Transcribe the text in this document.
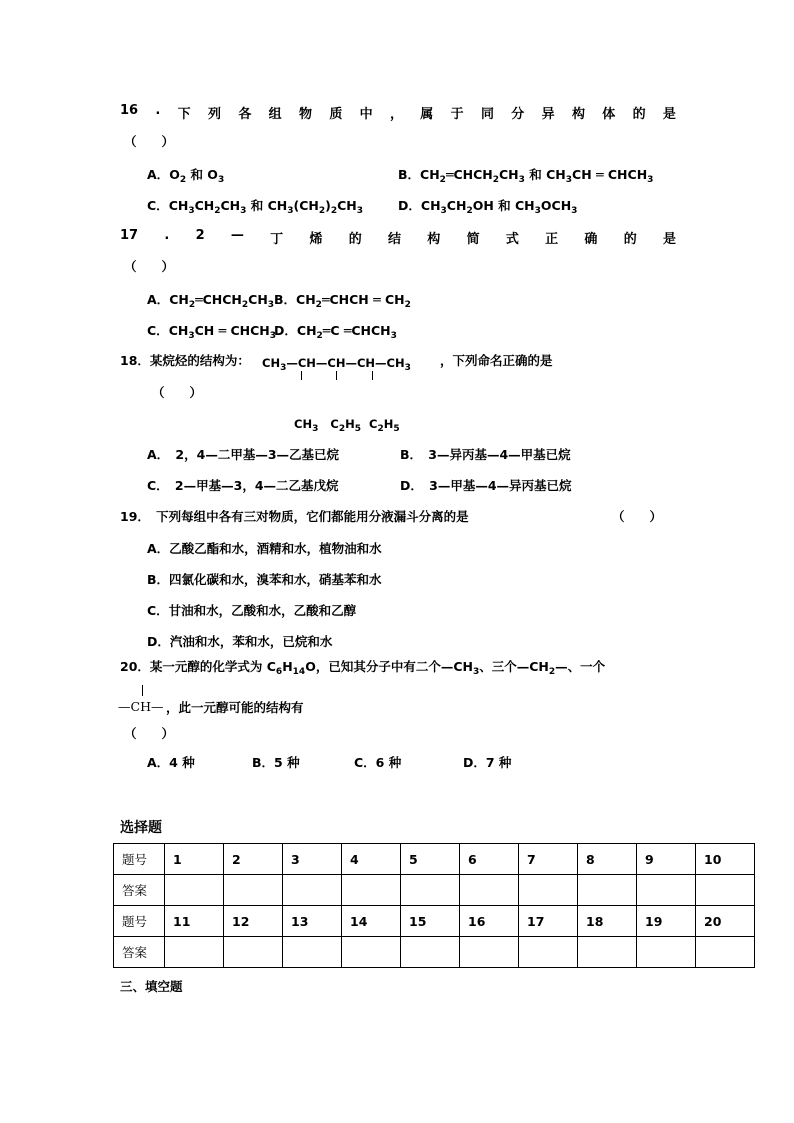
16 . 下 列 各 组 物 质 中 ， 属 于 同 分 异 构 体 的 是
（　　）
A．$O_2$ 和 $O_3$	B．$CH_2═CHCH_2CH_3$ 和 $CH_3CH$ ═ $CHCH_3$
C．$CH_3CH_2CH_3$ 和 $CH_3(CH_2)_2CH_3$	D．$CH_3CH_2OH$ 和 $CH_3OCH_3$
17 . 2 — 丁 烯 的 结 构 简 式 正 确 的 是
（　　）
A．$CH_2═CHCH_2CH_3$ B．$CH_2═CHCH$ ═ $CH_2$
C．$CH_3CH$ ═ $CHCH_3$
D．$CH_2═C$ $═CHCH_3$
18．某烷烃的结构为： $CH_3—CH—CH—CH—CH_3$ ，下列命名正确的是
（　　）
$CH_3$ $C_2H_5$ $C_2H_5$
A．　2，4—二甲基—3—乙基已烷	B．　3—异丙基—4—甲基已烷
C．　2—甲基—3，4—二乙基戊烷	D．　3—甲基—4—异丙基已烷
19．　下列每组中各有三对物质，它们都能用分液漏斗分离的是	（　　）
A．乙酸乙酯和水，酒精和水，植物油和水
B．四氯化碳和水，溴苯和水，硝基苯和水
C．甘油和水，乙酸和水，乙酸和乙醇
D．汽油和水，苯和水，已烷和水
20．某一元醇的化学式为 $C_6H_{14}O$，已知其分子中有二个$—CH_3$、三个$—CH_2—$、一个
—CH— ，此一元醇可能的结构有
（　　）
A．4 种	B．5 种	C．6 种	D．7 种
选择题
题号	1	2	3	4	5	6	7	8	9	10
答案										
题号	11	12	13	14	15	16	17	18	19	20
答案										
三、填空题
